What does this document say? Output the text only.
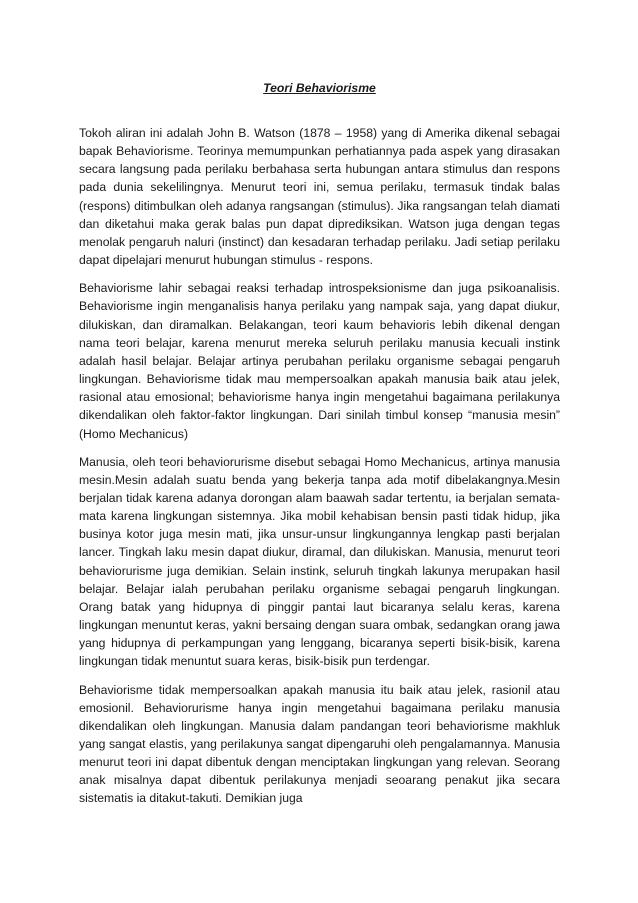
Teori Behaviorisme

Tokoh aliran ini adalah John B. Watson (1878 – 1958) yang di Amerika dikenal sebagai bapak Behaviorisme. Teorinya memumpunkan perhatiannya pada aspek yang dirasakan secara langsung pada perilaku berbahasa serta hubungan antara stimulus dan respons pada dunia sekelilingnya. Menurut teori ini, semua perilaku, termasuk tindak balas (respons) ditimbulkan oleh adanya rangsangan (stimulus). Jika rangsangan telah diamati dan diketahui maka gerak balas pun dapat diprediksikan. Watson juga dengan tegas menolak pengaruh naluri (instinct) dan kesadaran terhadap perilaku. Jadi setiap perilaku dapat dipelajari menurut hubungan stimulus - respons.

Behaviorisme lahir sebagai reaksi terhadap introspeksionisme dan juga psikoanalisis. Behaviorisme ingin menganalisis hanya perilaku yang nampak saja, yang dapat diukur, dilukiskan, dan diramalkan. Belakangan, teori kaum behavioris lebih dikenal dengan nama teori belajar, karena menurut mereka seluruh perilaku manusia kecuali instink adalah hasil belajar. Belajar artinya perubahan perilaku organisme sebagai pengaruh lingkungan. Behaviorisme tidak mau mempersoalkan apakah manusia baik atau jelek, rasional atau emosional; behaviorisme hanya ingin mengetahui bagaimana perilakunya dikendalikan oleh faktor-faktor lingkungan. Dari sinilah timbul konsep “manusia mesin” (Homo Mechanicus)

Manusia, oleh teori behaviorurisme disebut sebagai Homo Mechanicus, artinya manusia mesin.Mesin adalah suatu benda yang bekerja tanpa ada motif dibelakangnya.Mesin berjalan tidak karena adanya dorongan alam baawah sadar tertentu, ia berjalan semata-mata karena lingkungan sistemnya. Jika mobil kehabisan bensin pasti tidak hidup, jika businya kotor juga mesin mati, jika unsur-unsur lingkungannya lengkap pasti berjalan lancer. Tingkah laku mesin dapat diukur, diramal, dan dilukiskan. Manusia, menurut teori behaviorurisme juga demikian. Selain instink, seluruh tingkah lakunya merupakan hasil belajar. Belajar ialah perubahan perilaku organisme sebagai pengaruh lingkungan. Orang batak yang hidupnya di pinggir pantai laut bicaranya selalu keras, karena lingkungan menuntut keras, yakni bersaing dengan suara ombak, sedangkan orang jawa yang hidupnya di perkampungan yang lenggang, bicaranya seperti bisik-bisik, karena lingkungan tidak menuntut suara keras, bisik-bisik pun terdengar.

Behaviorisme tidak mempersoalkan apakah manusia itu baik atau jelek, rasionil atau emosionil. Behaviorurisme hanya ingin mengetahui bagaimana perilaku manusia dikendalikan oleh lingkungan. Manusia dalam pandangan teori behaviorisme makhluk yang sangat elastis, yang perilakunya sangat dipengaruhi oleh pengalamannya. Manusia menurut teori ini dapat dibentuk dengan menciptakan lingkungan yang relevan. Seorang anak misalnya dapat dibentuk perilakunya menjadi seoarang penakut jika secara sistematis ia ditakut-takuti. Demikian juga
